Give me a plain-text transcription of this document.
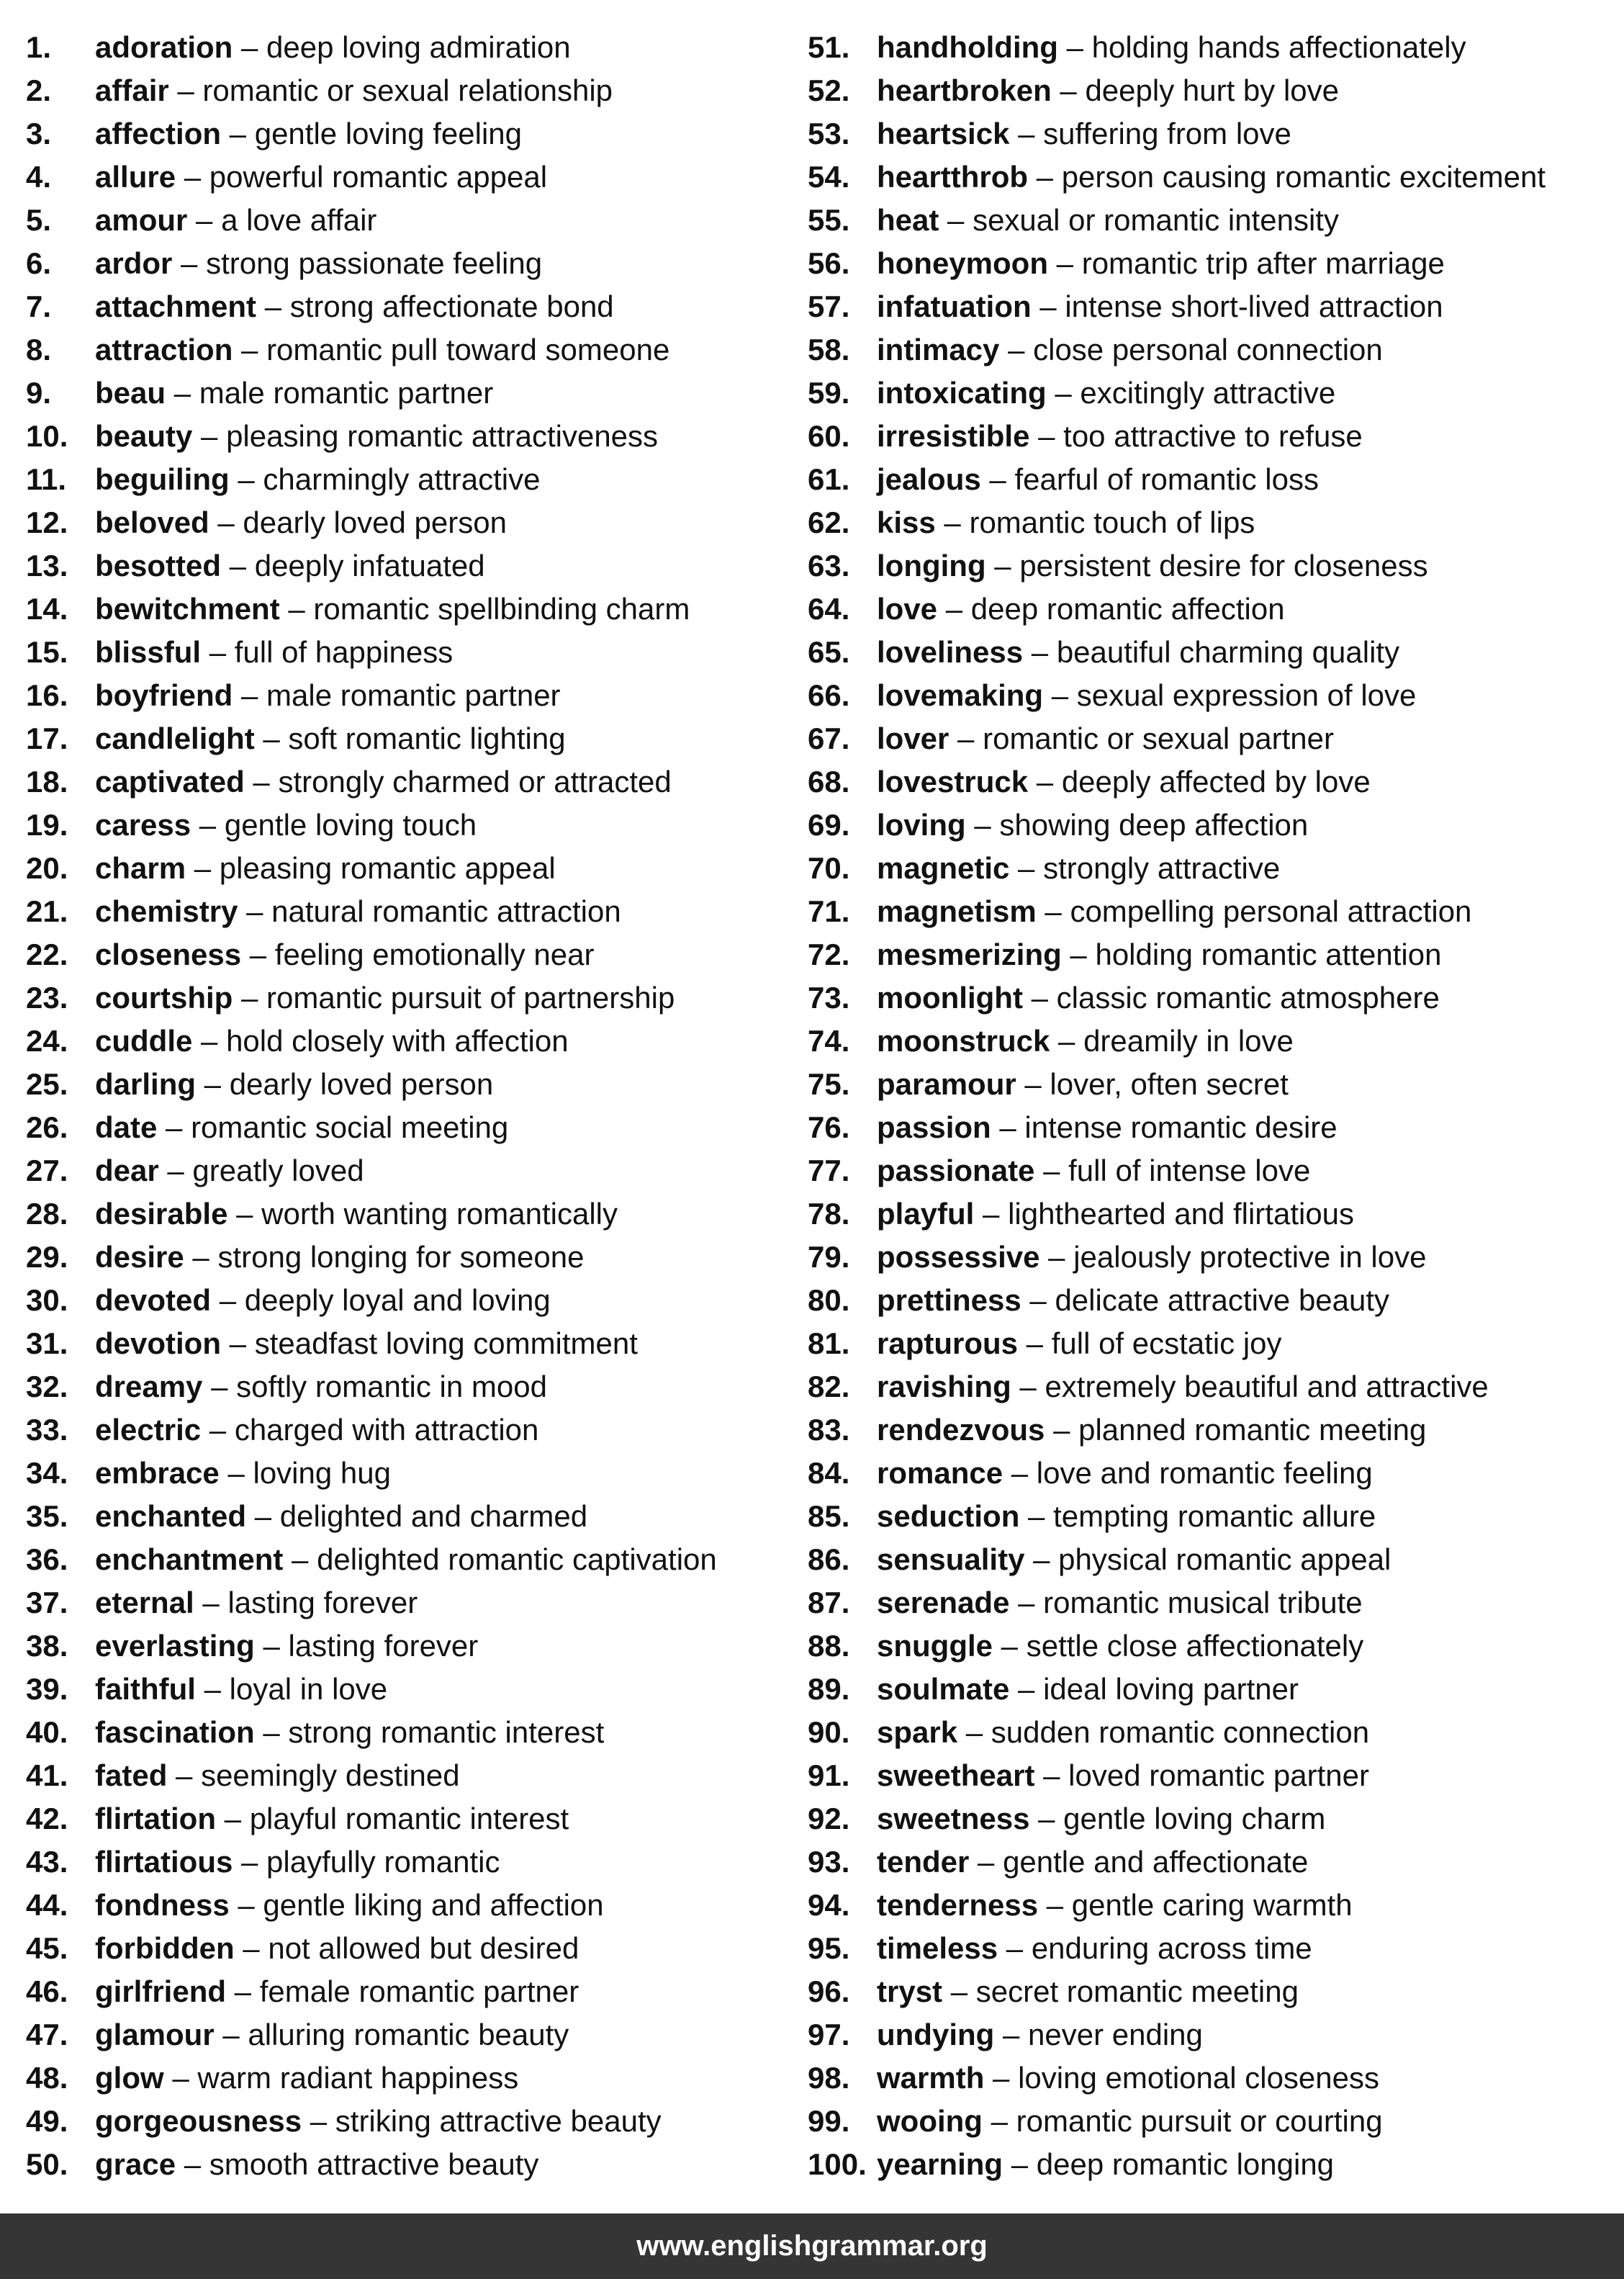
1.	adoration – deep loving admiration
2.	affair – romantic or sexual relationship
3.	affection – gentle loving feeling
4.	allure – powerful romantic appeal
5.	amour – a love affair
6.	ardor – strong passionate feeling
7.	attachment – strong affectionate bond
8.	attraction – romantic pull toward someone
9.	beau – male romantic partner
10. beauty – pleasing romantic attractiveness
11. beguiling – charmingly attractive
12. beloved – dearly loved person
13. besotted – deeply infatuated
14. bewitchment – romantic spellbinding charm
15. blissful – full of happiness
16. boyfriend – male romantic partner
17. candlelight – soft romantic lighting
18. captivated – strongly charmed or attracted
19. caress – gentle loving touch
20. charm – pleasing romantic appeal
21. chemistry – natural romantic attraction
22. closeness – feeling emotionally near
23. courtship – romantic pursuit of partnership
24. cuddle – hold closely with affection
25. darling – dearly loved person
26. date – romantic social meeting
27. dear – greatly loved
28. desirable – worth wanting romantically
29. desire – strong longing for someone
30. devoted – deeply loyal and loving
31. devotion – steadfast loving commitment
32. dreamy – softly romantic in mood
33. electric – charged with attraction
34. embrace – loving hug
35. enchanted – delighted and charmed
36. enchantment – delighted romantic captivation
37. eternal – lasting forever
38. everlasting – lasting forever
39. faithful – loyal in love
40. fascination – strong romantic interest
41. fated – seemingly destined
42. flirtation – playful romantic interest
43. flirtatious – playfully romantic
44. fondness – gentle liking and affection
45. forbidden – not allowed but desired
46. girlfriend – female romantic partner
47. glamour – alluring romantic beauty
48. glow – warm radiant happiness
49. gorgeousness – striking attractive beauty
50. grace – smooth attractive beauty
51. handholding – holding hands affectionately
52. heartbroken – deeply hurt by love
53. heartsick – suffering from love
54. heartthrob – person causing romantic excitement
55. heat – sexual or romantic intensity
56. honeymoon – romantic trip after marriage
57. infatuation – intense short-lived attraction
58. intimacy – close personal connection
59. intoxicating – excitingly attractive
60. irresistible – too attractive to refuse
61. jealous – fearful of romantic loss
62. kiss – romantic touch of lips
63. longing – persistent desire for closeness
64. love – deep romantic affection
65. loveliness – beautiful charming quality
66. lovemaking – sexual expression of love
67. lover – romantic or sexual partner
68. lovestruck – deeply affected by love
69. loving – showing deep affection
70. magnetic – strongly attractive
71. magnetism – compelling personal attraction
72. mesmerizing – holding romantic attention
73. moonlight – classic romantic atmosphere
74. moonstruck – dreamily in love
75. paramour – lover, often secret
76. passion – intense romantic desire
77. passionate – full of intense love
78. playful – lighthearted and flirtatious
79. possessive – jealously protective in love
80. prettiness – delicate attractive beauty
81. rapturous – full of ecstatic joy
82. ravishing – extremely beautiful and attractive
83. rendezvous – planned romantic meeting
84. romance – love and romantic feeling
85. seduction – tempting romantic allure
86. sensuality – physical romantic appeal
87. serenade – romantic musical tribute
88. snuggle – settle close affectionately
89. soulmate – ideal loving partner
90. spark – sudden romantic connection
91. sweetheart – loved romantic partner
92. sweetness – gentle loving charm
93. tender – gentle and affectionate
94. tenderness – gentle caring warmth
95. timeless – enduring across time
96. tryst – secret romantic meeting
97. undying – never ending
98. warmth – loving emotional closeness
99. wooing – romantic pursuit or courting
100. yearning – deep romantic longing
www.englishgrammar.org
